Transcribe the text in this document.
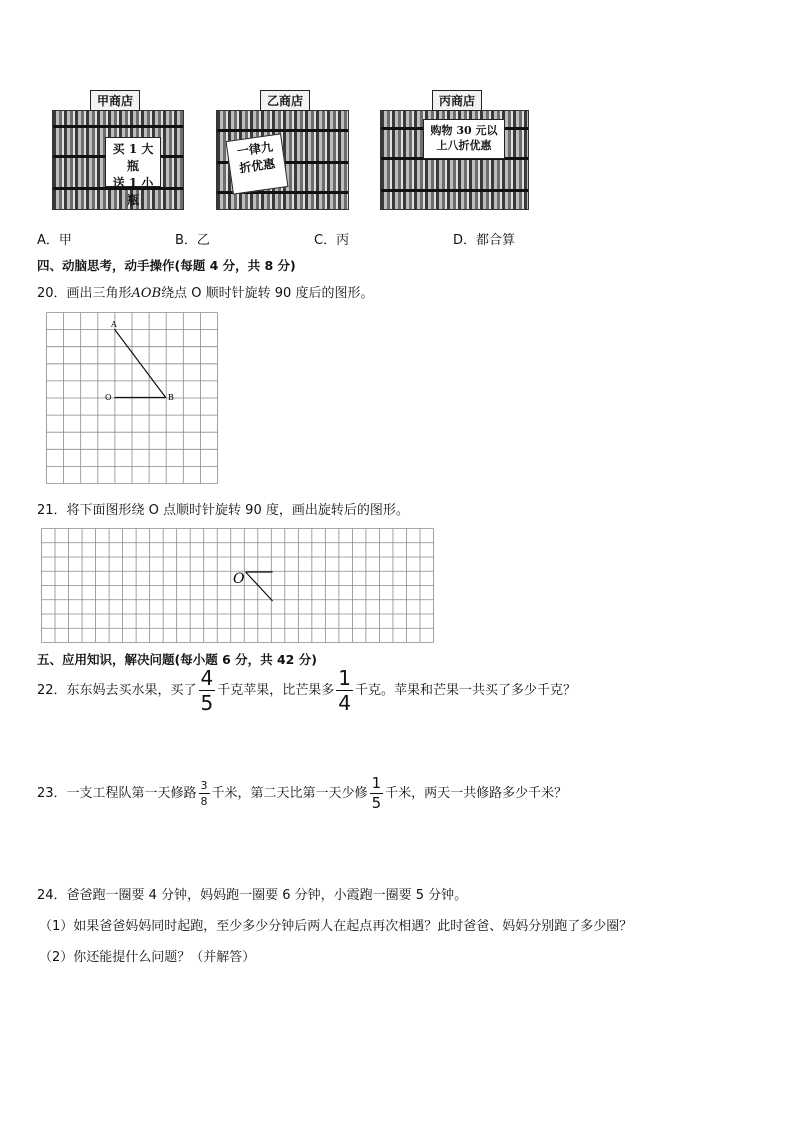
甲商店
买 1 大瓶
送 1 小瓶
乙商店
一律九
折优惠
丙商店
购物 30 元以
上八折优惠
A．甲	B．乙	C．丙	D．都合算
四、动脑思考，动手操作(每题 4 分，共 8 分)
20．画出三角形AOB绕点 O 顺时针旋转 90 度后的图形。
A
O	B
21．将下面图形绕 O 点顺时针旋转 90 度，画出旋转后的图形。
O
五、应用知识，解决问题(每小题 6 分，共 42 分)
22．东东妈去买水果，买了 $\frac{4}{5}$ 千克苹果，比芒果多 $\frac{1}{4}$ 千克。苹果和芒果一共买了多少千克？
23．一支工程队第一天修路 $\frac{3}{8}$ 千米，第二天比第一天少修 $\frac{1}{5}$ 千米，两天一共修路多少千米？
24．爸爸跑一圈要 4 分钟，妈妈跑一圈要 6 分钟，小霞跑一圈要 5 分钟。
（1）如果爸爸妈妈同时起跑，至少多少分钟后两人在起点再次相遇？此时爸爸、妈妈分别跑了多少圈？
（2）你还能提什么问题？（并解答）
